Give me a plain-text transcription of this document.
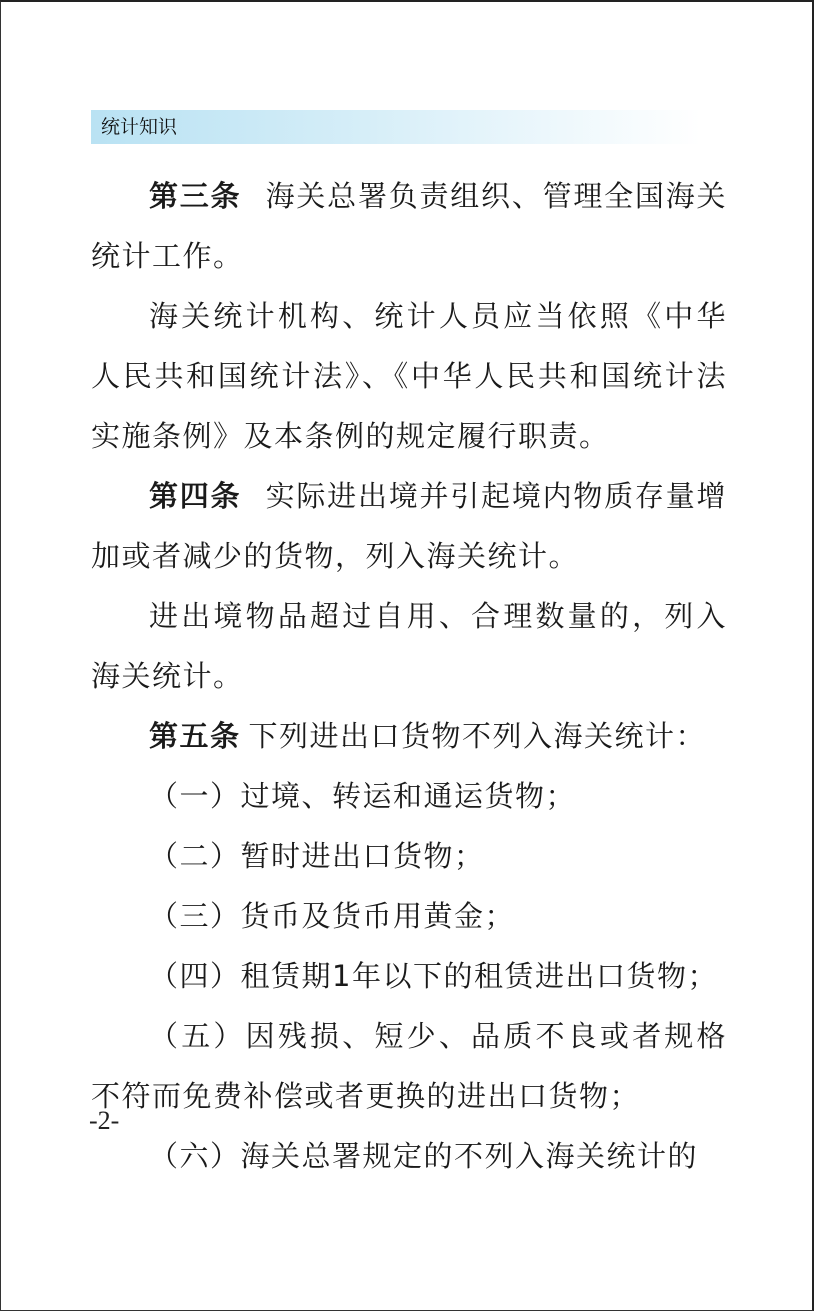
统计知识

第三条 海关总署负责组织、管理全国海关统计工作。

海关统计机构、统计人员应当依照《中华人民共和国统计法》、《中华人民共和国统计法实施条例》及本条例的规定履行职责。

第四条 实际进出境并引起境内物质存量增加或者减少的货物，列入海关统计。

进出境物品超过自用、合理数量的，列入海关统计。

第五条 下列进出口货物不列入海关统计：

（一）过境、转运和通运货物；

（二）暂时进出口货物；

（三）货币及货币用黄金；

（四）租赁期1年以下的租赁进出口货物；

（五）因残损、短少、品质不良或者规格不符而免费补偿或者更换的进出口货物；

（六）海关总署规定的不列入海关统计的

-2-
